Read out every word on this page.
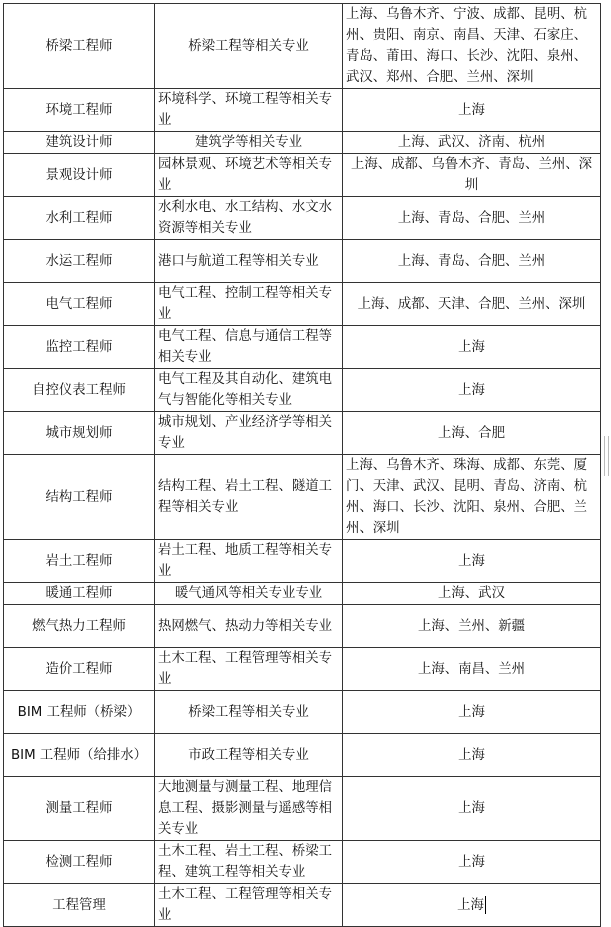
桥梁工程师	桥梁工程等相关专业	上海、乌鲁木齐、宁波、成都、昆明、杭州、贵阳、南京、南昌、天津、石家庄、青岛、莆田、海口、长沙、沈阳、泉州、武汉、郑州、合肥、兰州、深圳
环境工程师	环境科学、环境工程等相关专业	上海
建筑设计师	建筑学等相关专业	上海、武汉、济南、杭州
景观设计师	园林景观、环境艺术等相关专业	上海、成都、乌鲁木齐、青岛、兰州、深圳
水利工程师	水利水电、水工结构、水文水资源等相关专业	上海、青岛、合肥、兰州
水运工程师	港口与航道工程等相关专业	上海、青岛、合肥、兰州
电气工程师	电气工程、控制工程等相关专业	上海、成都、天津、合肥、兰州、深圳
监控工程师	电气工程、信息与通信工程等相关专业	上海
自控仪表工程师	电气工程及其自动化、建筑电气与智能化等相关专业	上海
城市规划师	城市规划、产业经济学等相关专业	上海、合肥
结构工程师	结构工程、岩土工程、隧道工程等相关专业	上海、乌鲁木齐、珠海、成都、东莞、厦门、天津、武汉、昆明、青岛、济南、杭州、海口、长沙、沈阳、泉州、合肥、兰州、深圳
岩土工程师	岩土工程、地质工程等相关专业	上海
暖通工程师	暖气通风等相关专业专业	上海、武汉
燃气热力工程师	热网燃气、热动力等相关专业	上海、兰州、新疆
造价工程师	土木工程、工程管理等相关专业	上海、南昌、兰州
BIM 工程师（桥梁）	桥梁工程等相关专业	上海
BIM 工程师（给排水）	市政工程等相关专业	上海
测量工程师	大地测量与测量工程、地理信息工程、摄影测量与遥感等相关专业	上海
检测工程师	土木工程、岩土工程、桥梁工程、建筑工程等相关专业	上海
工程管理	土木工程、工程管理等相关专业	上海
